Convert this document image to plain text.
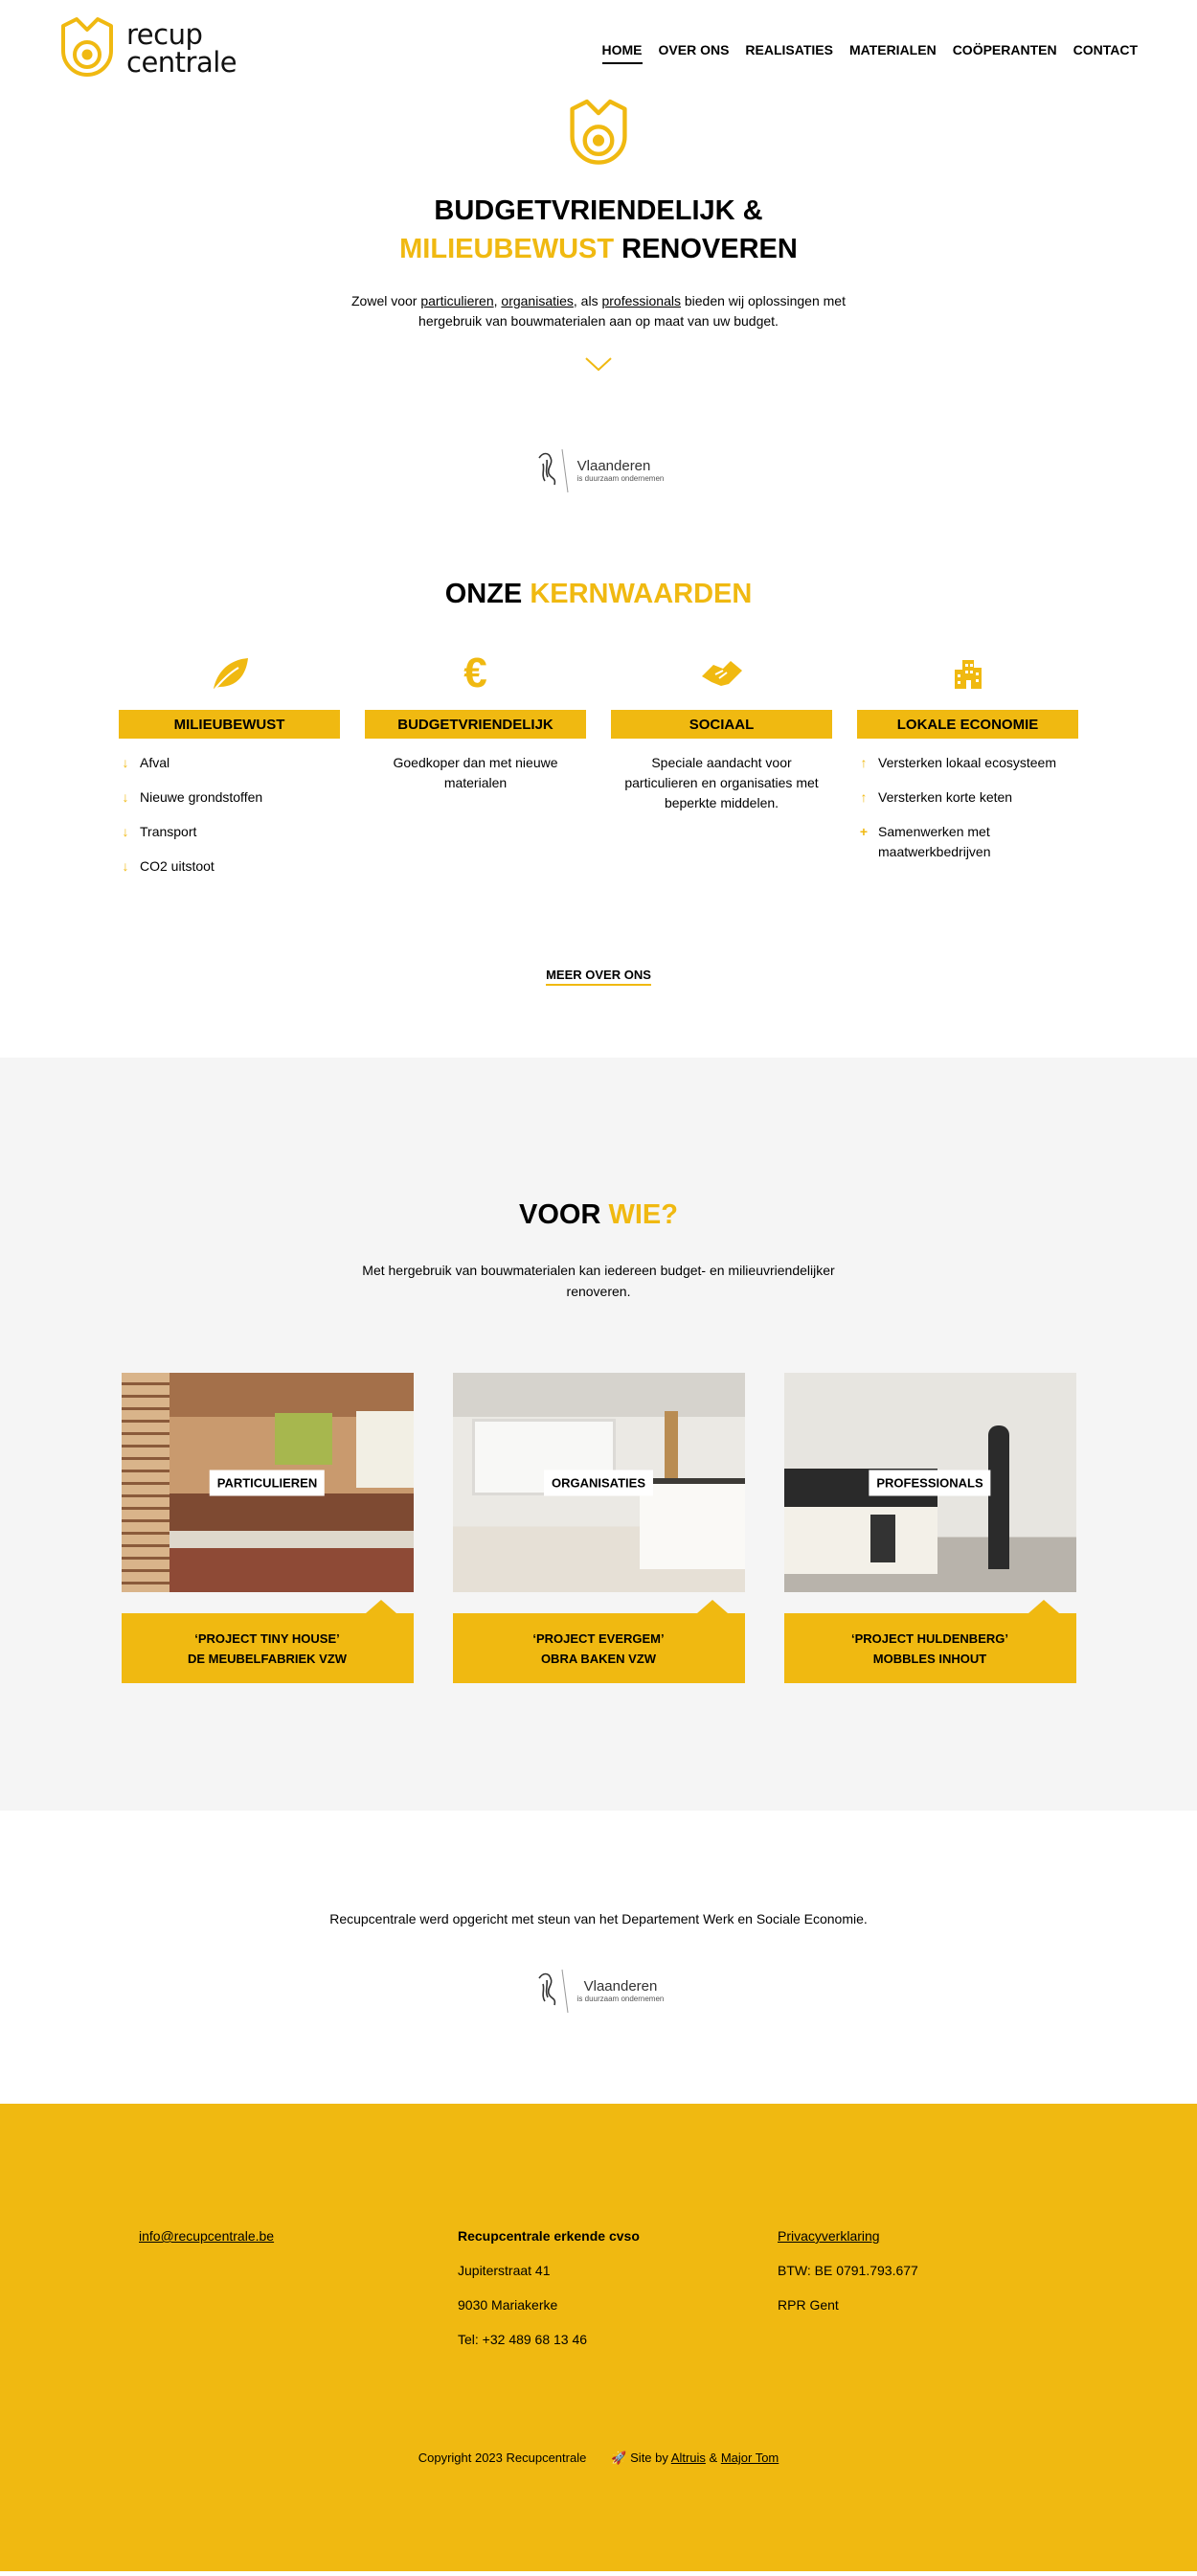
recup
centrale	HOME OVER ONS REALISATIES MATERIALEN COÖPERANTEN CONTACT
BUDGETVRIENDELIJK &
MILIEUBEWUST RENOVEREN

Zowel voor particulieren, organisaties, als professionals bieden wij oplossingen met hergebruik van bouwmaterialen aan op maat van uw budget.

Vlaanderen
is duurzaam ondernemen
ONZE KERNWAARDEN
MILIEUBEWUST
↓ Afval
↓ Nieuwe grondstoffen
↓ Transport
↓ CO2 uitstoot
€
BUDGETVRIENDELIJK

Goedkoper dan met nieuwe materialen

SOCIAAL

Speciale aandacht voor particulieren en organisaties met beperkte middelen.

LOKALE ECONOMIE
↑ Versterken lokaal ecosysteem
↑ Versterken korte keten
+ Samenwerken met maatwerkbedrijven
MEER OVER ONS
VOOR WIE?

Met hergebruik van bouwmaterialen kan iedereen budget- en milieuvriendelijker renoveren.

PARTICULIEREN
‘PROJECT TINY HOUSE’
DE MEUBELFABRIEK VZW
ORGANISATIES
‘PROJECT EVERGEM’
OBRA BAKEN VZW
PROFESSIONALS
‘PROJECT HULDENBERG’
MOBBLES INHOUT

Recupcentrale werd opgericht met steun van het Departement Werk en Sociale Economie.

Vlaanderen
is duurzaam ondernemen

info@recupcentrale.be	Recupcentrale erkende cvso

Jupiterstraat 41

9030 Mariakerke

Tel: +32 489 68 13 46

Privacyverklaring

BTW: BE 0791.793.677

RPR Gent

Copyright 2023 Recupcentrale 🚀 Site by Altruis & Major Tom
